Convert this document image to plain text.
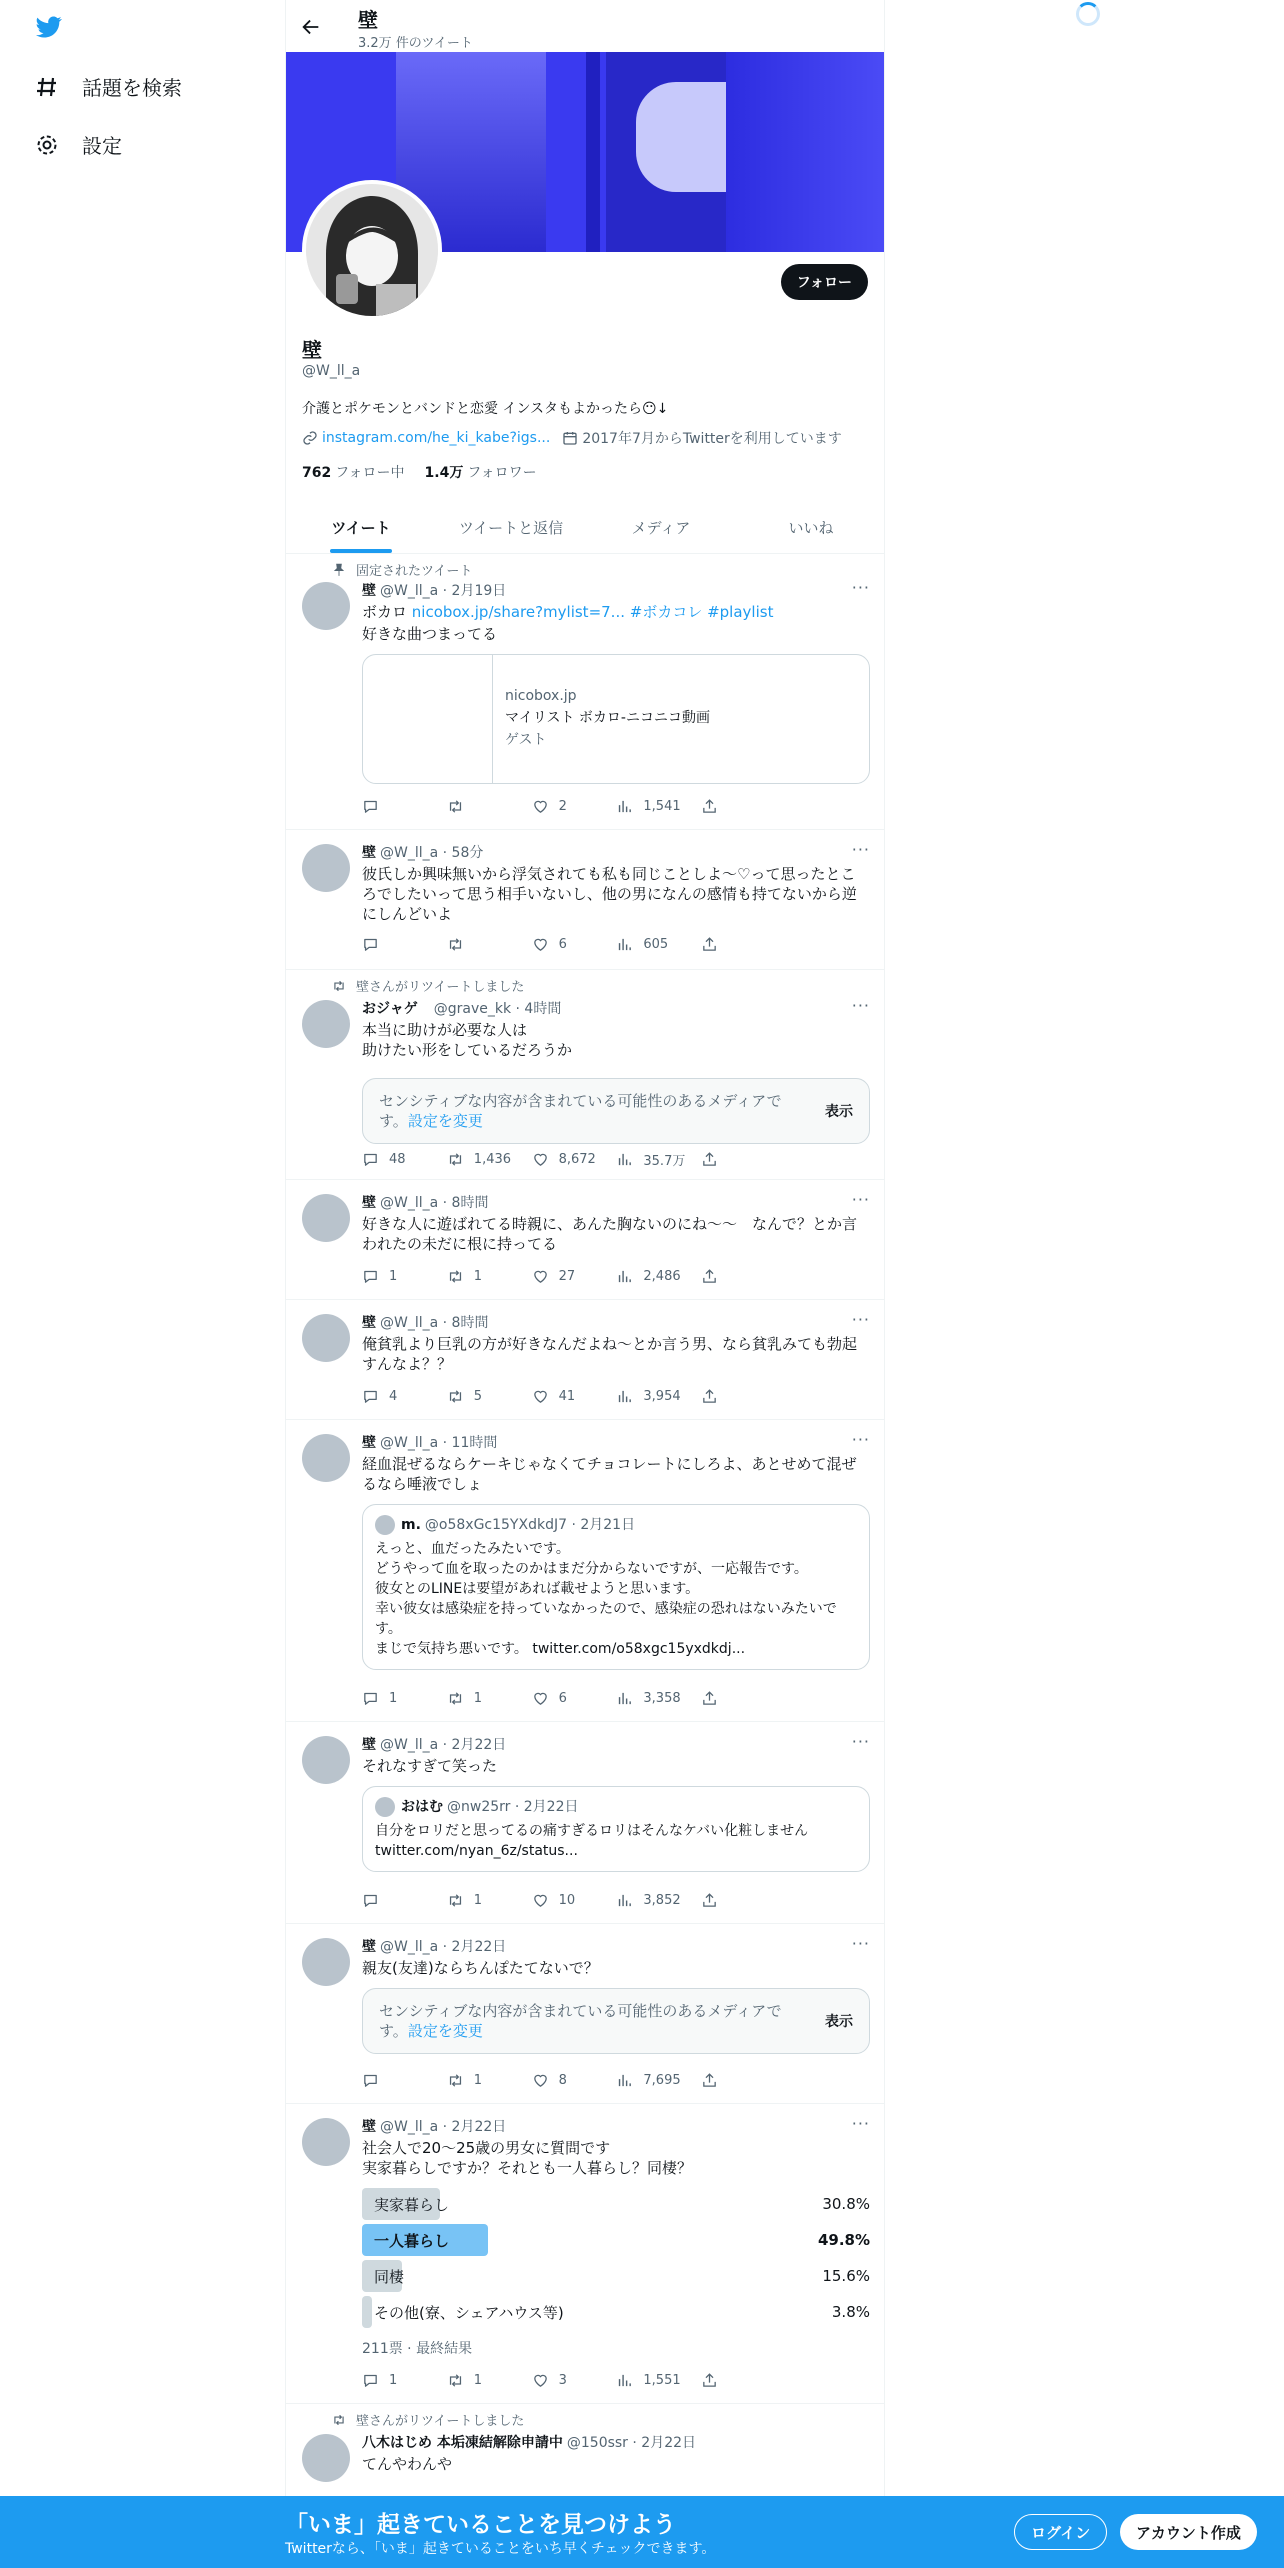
話題を検索
設定
壁
3.2万 件のツイート
フォロー
壁
@W_ll_a
介護とポケモンとバンドと恋愛 インスタもよかったら😶↓
instagram.com/he_ki_kabe?igs... 2017年7月からTwitterを利用しています
762 フォロー中 1.4万 フォロワー
ツイート	ツイートと返信	メディア	いいね
固定されたツイート
···
壁 @W_ll_a · 2月19日
ボカロ nicobox.jp/share?mylist=7... #ボカコレ #playlist
好きな曲つまってる
nicobox.jp
マイリスト ボカロ-ニコニコ動画
ゲスト
2	1,541
···
壁 @W_ll_a · 58分
彼氏しか興味無いから浮気されても私も同じことしよ〜♡って思ったところでしたいって思う相手いないし、他の男になんの感情も持てないから逆にしんどいよ
6	605
壁さんがリツイートしました
···
おジャゲ @grave_kk · 4時間
本当に助けが必要な人は
助けたい形をしているだろうか
センシティブな内容が含まれている可能性のあるメディアです。設定を変更	表示
48	1,436	8,672	35.7万
···
壁 @W_ll_a · 8時間
好きな人に遊ばれてる時親に、あんた胸ないのにね〜〜　なんで？とか言われたの未だに根に持ってる
1	1	27	2,486
···
壁 @W_ll_a · 8時間
俺貧乳より巨乳の方が好きなんだよね〜とか言う男、なら貧乳みても勃起すんなよ？？
4	5	41	3,954
···
壁 @W_ll_a · 11時間
経血混ぜるならケーキじゃなくてチョコレートにしろよ、あとせめて混ぜるなら唾液でしょ
m. @o58xGc15YXdkdJ7 · 2月21日
えっと、血だったみたいです。
どうやって血を取ったのかはまだ分からないですが、一応報告です。
彼女とのLINEは要望があれば載せようと思います。
幸い彼女は感染症を持っていなかったので、感染症の恐れはないみたいです。
まじで気持ち悪いです。 twitter.com/o58xgc15yxdkdj...
1	1	6	3,358
···
壁 @W_ll_a · 2月22日
それなすぎて笑った
おはむ @nw25rr · 2月22日
自分をロリだと思ってるの痛すぎるロリはそんなケバい化粧しません
twitter.com/nyan_6z/status...
1	10	3,852
···
壁 @W_ll_a · 2月22日
親友(友達)ならちんぽたてないで？
センシティブな内容が含まれている可能性のあるメディアです。設定を変更	表示
1	8	7,695
···
壁 @W_ll_a · 2月22日
社会人で20〜25歳の男女に質問です
実家暮らしですか？それとも一人暮らし？同棲？
実家暮らし	30.8%
一人暮らし	49.8%
同棲	15.6%
その他(寮、シェアハウス等)	3.8%
211票 · 最終結果
1	1	3	1,551
壁さんがリツイートしました
八木はじめ 本垢凍結解除申請中 @150ssr · 2月22日
てんやわんや
「いま」起きていることを見つけよう
Twitterなら、「いま」起きていることをいち早くチェックできます。
ログイン	アカウント作成
